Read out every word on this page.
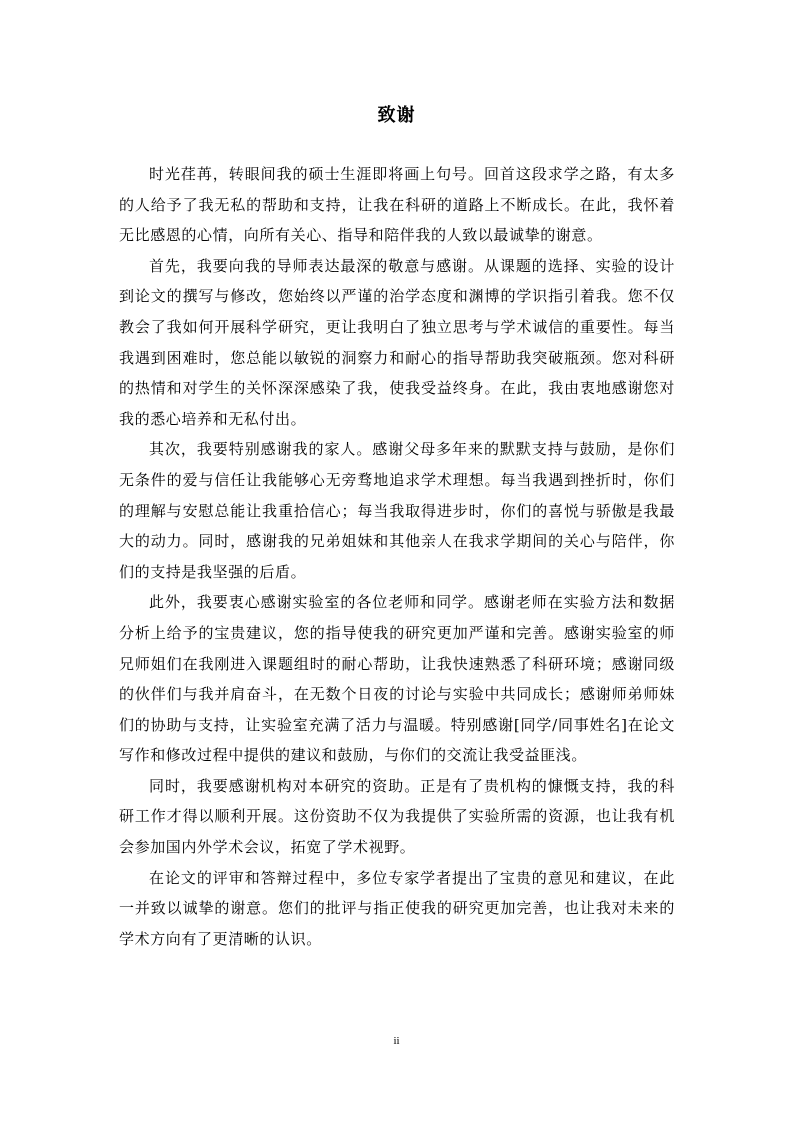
致谢

时光荏苒，转眼间我的硕士生涯即将画上句号。回首这段求学之路，有太多的人给予了我无私的帮助和支持，让我在科研的道路上不断成长。在此，我怀着无比感恩的心情，向所有关心、指导和陪伴我的人致以最诚挚的谢意。

首先，我要向我的导师表达最深的敬意与感谢。从课题的选择、实验的设计到论文的撰写与修改，您始终以严谨的治学态度和渊博的学识指引着我。您不仅教会了我如何开展科学研究，更让我明白了独立思考与学术诚信的重要性。每当我遇到困难时，您总能以敏锐的洞察力和耐心的指导帮助我突破瓶颈。您对科研的热情和对学生的关怀深深感染了我，使我受益终身。在此，我由衷地感谢您对我的悉心培养和无私付出。

其次，我要特别感谢我的家人。感谢父母多年来的默默支持与鼓励，是你们无条件的爱与信任让我能够心无旁骛地追求学术理想。每当我遇到挫折时，你们的理解与安慰总能让我重拾信心；每当我取得进步时，你们的喜悦与骄傲是我最大的动力。同时，感谢我的兄弟姐妹和其他亲人在我求学期间的关心与陪伴，你们的支持是我坚强的后盾。

此外，我要衷心感谢实验室的各位老师和同学。感谢老师在实验方法和数据分析上给予的宝贵建议，您的指导使我的研究更加严谨和完善。感谢实验室的师兄师姐们在我刚进入课题组时的耐心帮助，让我快速熟悉了科研环境；感谢同级的伙伴们与我并肩奋斗，在无数个日夜的讨论与实验中共同成长；感谢师弟师妹们的协助与支持，让实验室充满了活力与温暖。特别感谢[同学/同事姓名]在论文写作和修改过程中提供的建议和鼓励，与你们的交流让我受益匪浅。

同时，我要感谢机构对本研究的资助。正是有了贵机构的慷慨支持，我的科研工作才得以顺利开展。这份资助不仅为我提供了实验所需的资源，也让我有机会参加国内外学术会议，拓宽了学术视野。

在论文的评审和答辩过程中，多位专家学者提出了宝贵的意见和建议，在此一并致以诚挚的谢意。您们的批评与指正使我的研究更加完善，也让我对未来的学术方向有了更清晰的认识。

ii
